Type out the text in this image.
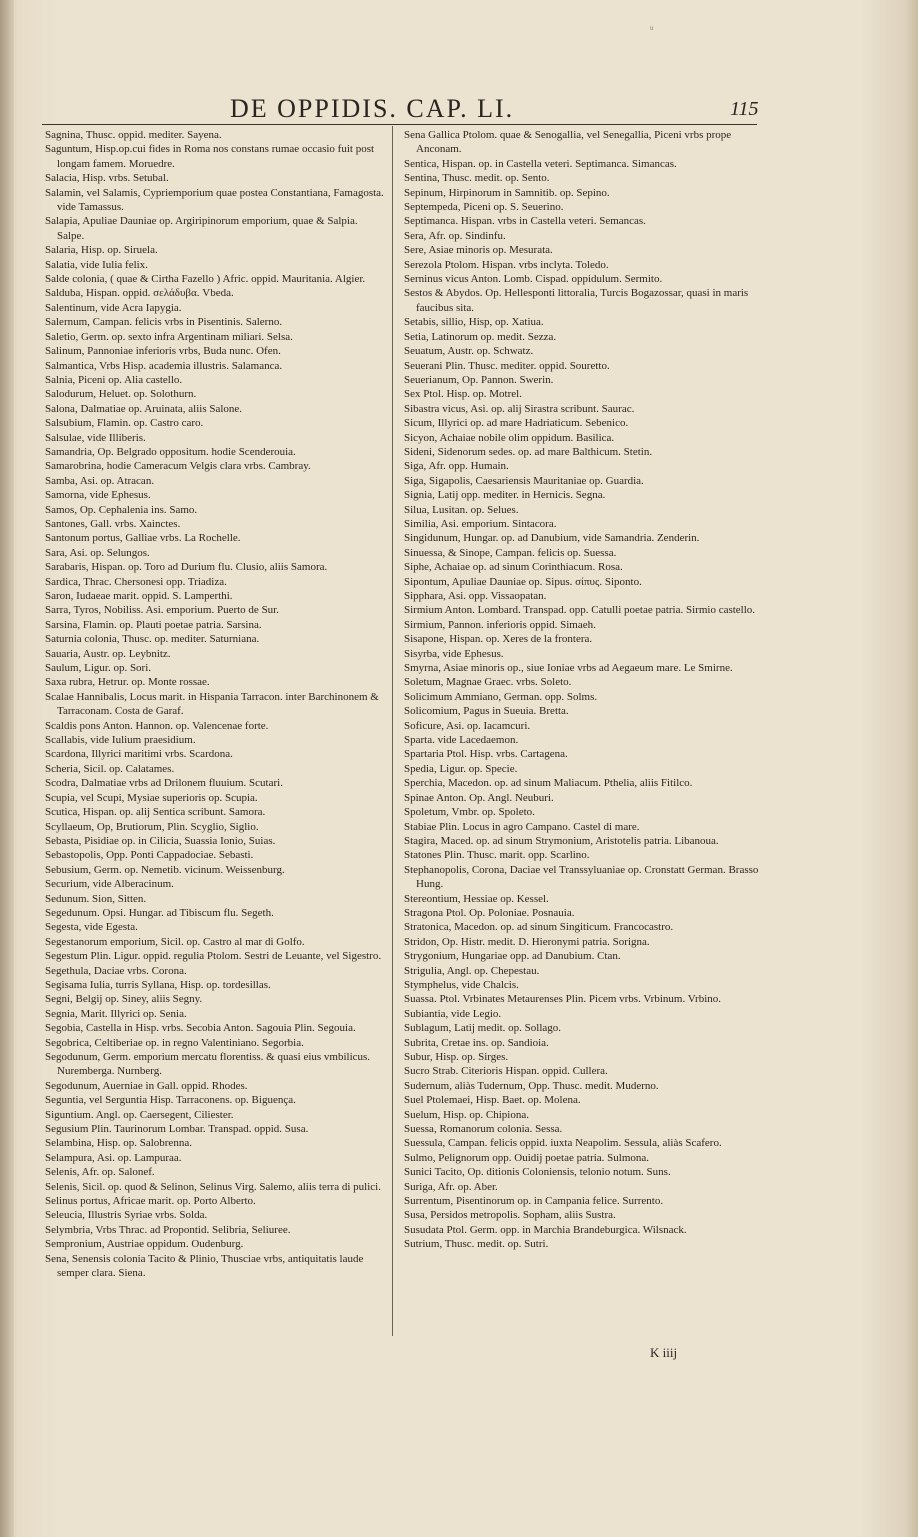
u
DE OPPIDIS. CAP. LI.	115
Sagnina, Thusc. oppid. mediter. Sayena.
Saguntum, Hisp.op.cui fides in Roma nos constans rumae occasio fuit post longam famem. Moruedre.
Salacia, Hisp. vrbs. Setubal.
Salamin, vel Salamis, Cypriemporium quae postea Constantiana, Famagosta. vide Tamassus.
Salapia, Apuliae Dauniae op. Argiripinorum emporium, quae & Salpia. Salpe.
Salaria, Hisp. op. Siruela.
Salatia, vide Iulia felix.
Salde colonia, ( quae & Cirtha Fazello ) Afric. oppid. Mauritania. Algier.
Salduba, Hispan. oppid. σελάδυβα. Vbeda.
Salentinum, vide Acra Iapygia.
Salernum, Campan. felicis vrbs in Pisentinis. Salerno.
Saletio, Germ. op. sexto infra Argentinam miliari. Selsa.
Salinum, Pannoniae inferioris vrbs, Buda nunc. Ofen.
Salmantica, Vrbs Hisp. academia illustris. Salamanca.
Salnia, Piceni op. Alia castello.
Salodurum, Heluet. op. Solothurn.
Salona, Dalmatiae op. Aruinata, aliis Salone.
Salsubium, Flamin. op. Castro caro.
Salsulae, vide Illiberis.
Samandria, Op. Belgrado oppositum. hodie Scenderouia.
Samarobrina, hodie Cameracum Velgis clara vrbs. Cambray.
Samba, Asi. op. Atracan.
Samorna, vide Ephesus.
Samos, Op. Cephalenia ins. Samo.
Santones, Gall. vrbs. Xainctes.
Santonum portus, Galliae vrbs. La Rochelle.
Sara, Asi. op. Selungos.
Sarabaris, Hispan. op. Toro ad Durium flu. Clusio, aliis Samora.
Sardica, Thrac. Chersonesi opp. Triadiza.
Saron, Iudaeae marit. oppid. S. Lamperthi.
Sarra, Tyros, Nobiliss. Asi. emporium. Puerto de Sur.
Sarsina, Flamin. op. Plauti poetae patria. Sarsina.
Saturnia colonia, Thusc. op. mediter. Saturniana.
Sauaria, Austr. op. Leybnitz.
Saulum, Ligur. op. Sori.
Saxa rubra, Hetrur. op. Monte rossae.
Scalae Hannibalis, Locus marit. in Hispania Tarracon. inter Barchinonem & Tarraconam. Costa de Garaf.
Scaldis pons Anton. Hannon. op. Valencenae forte.
Scallabis, vide Iulium praesidium.
Scardona, Illyrici maritimi vrbs. Scardona.
Scheria, Sicil. op. Calatames.
Scodra, Dalmatiae vrbs ad Drilonem fluuium. Scutari.
Scupia, vel Scupi, Mysiae superioris op. Scupia.
Scutica, Hispan. op. alij Sentica scribunt. Samora.
Scyllaeum, Op, Brutiorum, Plin. Scyglio, Siglio.
Sebasta, Pisidiae op. in Cilicia, Suassia Ionio, Suias.
Sebastopolis, Opp. Ponti Cappadociae. Sebasti.
Sebusium, Germ. op. Nemetib. vicinum. Weissenburg.
Securium, vide Alberacinum.
Sedunum. Sion, Sitten.
Segedunum. Opsi. Hungar. ad Tibiscum flu. Segeth.
Segesta, vide Egesta.
Segestanorum emporium, Sicil. op. Castro al mar di Golfo.
Segestum Plin. Ligur. oppid. regulia Ptolom. Sestri de Leuante, vel Sigestro.
Segethula, Daciae vrbs. Corona.
Segisama Iulia, turris Syllana, Hisp. op. tordesillas.
Segni, Belgij op. Siney, aliis Segny.
Segnia, Marit. Illyrici op. Senia.
Segobia, Castella in Hisp. vrbs. Secobia Anton. Sagouia Plin. Segouia.
Segobrica, Celtiberiae op. in regno Valentiniano. Segorbia.
Segodunum, Germ. emporium mercatu florentiss. & quasi eius vmbilicus. Nuremberga. Nurnberg.
Segodunum, Auerniae in Gall. oppid. Rhodes.
Seguntia, vel Serguntia Hisp. Tarraconens. op. Biguença.
Siguntium. Angl. op. Caersegent, Ciliester.
Segusium Plin. Taurinorum Lombar. Transpad. oppid. Susa.
Selambina, Hisp. op. Salobrenna.
Selampura, Asi. op. Lampuraa.
Selenis, Afr. op. Salonef.
Selenis, Sicil. op. quod & Selinon, Selinus Virg. Salemo, aliis terra di pulici.
Selinus portus, Africae marit. op. Porto Alberto.
Seleucia, Illustris Syriae vrbs. Solda.
Selymbria, Vrbs Thrac. ad Propontid. Selibria, Seliuree.
Sempronium, Austriae oppidum. Oudenburg.
Sena, Senensis colonia Tacito & Plinio, Thusciae vrbs, antiquitatis laude semper clara. Siena.
Sena Gallica Ptolom. quae & Senogallia, vel Senegallia, Piceni vrbs prope Anconam.
Sentica, Hispan. op. in Castella veteri. Septimanca. Simancas.
Sentina, Thusc. medit. op. Sento.
Sepinum, Hirpinorum in Samnitib. op. Sepino.
Septempeda, Piceni op. S. Seuerino.
Septimanca. Hispan. vrbs in Castella veteri. Semancas.
Sera, Afr. op. Sindinfu.
Sere, Asiae minoris op. Mesurata.
Serezola Ptolom. Hispan. vrbs inclyta. Toledo.
Serninus vicus Anton. Lomb. Cispad. oppidulum. Sermito.
Sestos & Abydos. Op. Hellesponti littoralia, Turcis Bogazossar, quasi in maris faucibus sita.
Setabis, sillio, Hisp, op. Xatiua.
Setia, Latinorum op. medit. Sezza.
Seuatum, Austr. op. Schwatz.
Seuerani Plin. Thusc. mediter. oppid. Souretto.
Seuerianum, Op. Pannon. Swerin.
Sex Ptol. Hisp. op. Motrel.
Sibastra vicus, Asi. op. alij Sirastra scribunt. Saurac.
Sicum, Illyrici op. ad mare Hadriaticum. Sebenico.
Sicyon, Achaiae nobile olim oppidum. Basilica.
Sideni, Sidenorum sedes. op. ad mare Balthicum. Stetin.
Siga, Afr. opp. Humain.
Siga, Sigapolis, Caesariensis Mauritaniae op. Guardia.
Signia, Latij opp. mediter. in Hernicis. Segna.
Silua, Lusitan. op. Selues.
Similia, Asi. emporium. Sintacora.
Singidunum, Hungar. op. ad Danubium, vide Samandria. Zenderin.
Sinuessa, & Sinope, Campan. felicis op. Suessa.
Siphe, Achaiae op. ad sinum Corinthiacum. Rosa.
Sipontum, Apuliae Dauniae op. Sipus. σίπυς. Siponto.
Sipphara, Asi. opp. Vissaopatan.
Sirmium Anton. Lombard. Transpad. opp. Catulli poetae patria. Sirmio castello.
Sirmium, Pannon. inferioris oppid. Simaeh.
Sisapone, Hispan. op. Xeres de la frontera.
Sisyrba, vide Ephesus.
Smyrna, Asiae minoris op., siue Ioniae vrbs ad Aegaeum mare. Le Smirne.
Soletum, Magnae Graec. vrbs. Soleto.
Solicimum Ammiano, German. opp. Solms.
Solicomium, Pagus in Sueuia. Bretta.
Soficure, Asi. op. Iacamcuri.
Sparta. vide Lacedaemon.
Spartaria Ptol. Hisp. vrbs. Cartagena.
Spedia, Ligur. op. Specie.
Sperchia, Macedon. op. ad sinum Maliacum. Pthelia, aliis Fitilco.
Spinae Anton. Op. Angl. Neuburi.
Spoletum, Vmbr. op. Spoleto.
Stabiae Plin. Locus in agro Campano. Castel di mare.
Stagira, Maced. op. ad sinum Strymonium, Aristotelis patria. Libanoua.
Statones Plin. Thusc. marit. opp. Scarlino.
Stephanopolis, Corona, Daciae vel Transsyluaniae op. Cronstatt German. Brasso Hung.
Stereontium, Hessiae op. Kessel.
Stragona Ptol. Op. Poloniae. Posnauia.
Stratonica, Macedon. op. ad sinum Singiticum. Francocastro.
Stridon, Op. Histr. medit. D. Hieronymi patria. Sorigna.
Strygonium, Hungariae opp. ad Danubium. Ctan.
Strigulia, Angl. op. Chepestau.
Stymphelus, vide Chalcis.
Suassa. Ptol. Vrbinates Metaurenses Plin. Picem vrbs. Vrbinum. Vrbino.
Subiantia, vide Legio.
Sublagum, Latij medit. op. Sollago.
Subrita, Cretae ins. op. Sandioia.
Subur, Hisp. op. Sirges.
Sucro Strab. Citerioris Hispan. oppid. Cullera.
Sudernum, aliàs Tudernum, Opp. Thusc. medit. Muderno.
Suel Ptolemaei, Hisp. Baet. op. Molena.
Suelum, Hisp. op. Chipiona.
Suessa, Romanorum colonia. Sessa.
Suessula, Campan. felicis oppid. iuxta Neapolim. Sessula, aliàs Scafero.
Sulmo, Pelignorum opp. Ouidij poetae patria. Sulmona.
Sunici Tacito, Op. ditionis Coloniensis, telonio notum. Suns.
Suriga, Afr. op. Aber.
Surrentum, Pisentinorum op. in Campania felice. Surrento.
Susa, Persidos metropolis. Sopham, aliis Sustra.
Susudata Ptol. Germ. opp. in Marchia Brandeburgica. Wilsnack.
Sutrium, Thusc. medit. op. Sutri.
K iiij
